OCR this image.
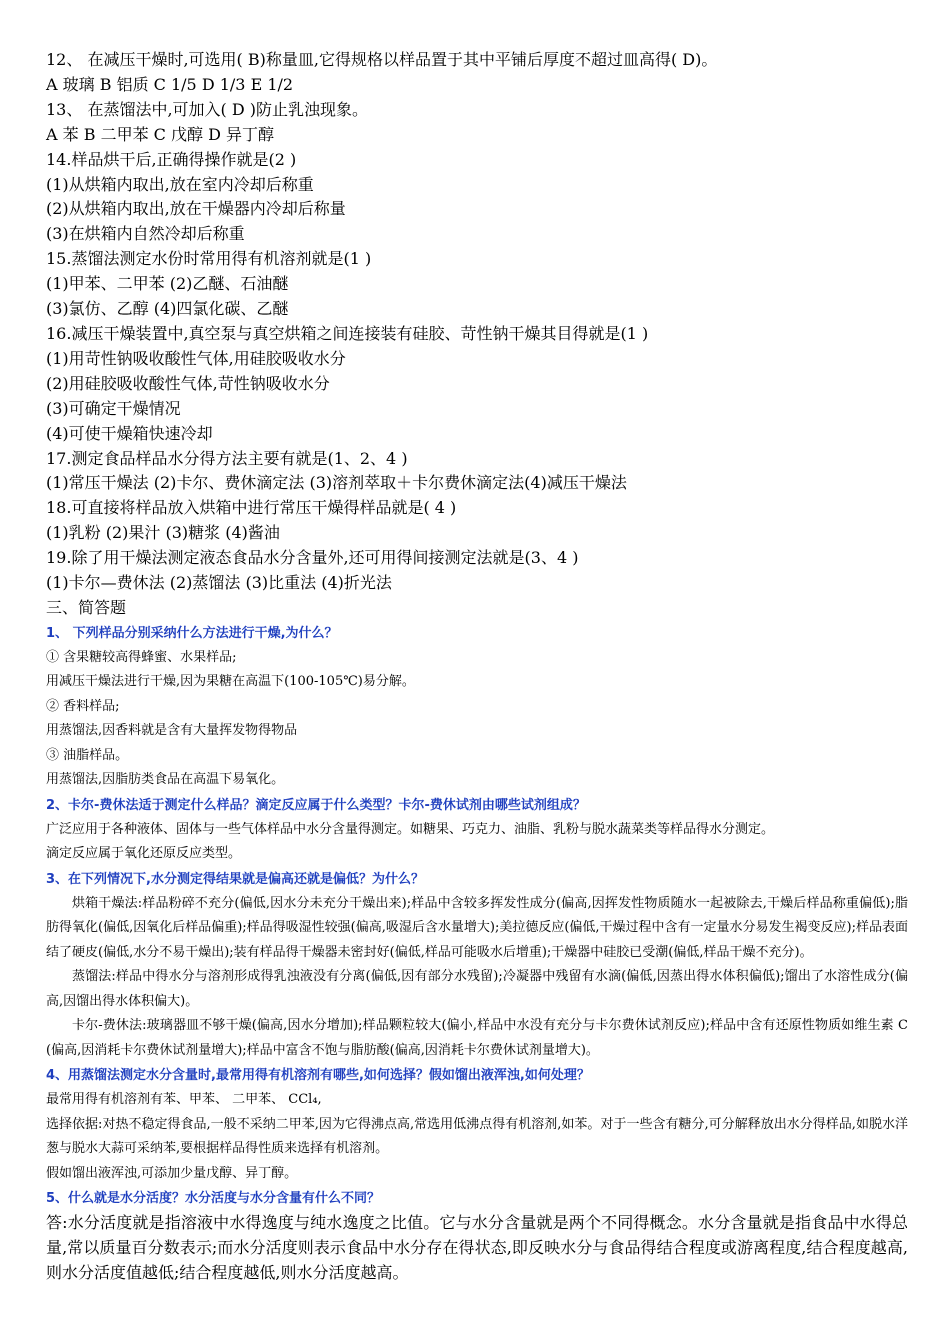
12、 在减压干燥时,可选用( B)称量皿,它得规格以样品置于其中平铺后厚度不超过皿高得( D)。

A 玻璃 B 铝质 C 1/5 D 1/3 E 1/2

13、 在蒸馏法中,可加入( D )防止乳浊现象。

A 苯 B 二甲苯 C 戊醇 D 异丁醇

14.样品烘干后,正确得操作就是(2 )

(1)从烘箱内取出,放在室内冷却后称重

(2)从烘箱内取出,放在干燥器内冷却后称量

(3)在烘箱内自然冷却后称重

15.蒸馏法测定水份时常用得有机溶剂就是(1 )

(1)甲苯、二甲苯 (2)乙醚、石油醚

(3)氯仿、乙醇 (4)四氯化碳、乙醚

16.减压干燥装置中,真空泵与真空烘箱之间连接装有硅胶、苛性钠干燥其目得就是(1 )

(1)用苛性钠吸收酸性气体,用硅胶吸收水分

(2)用硅胶吸收酸性气体,苛性钠吸收水分

(3)可确定干燥情况

(4)可使干燥箱快速冷却

17.测定食品样品水分得方法主要有就是(1、2、4 )

(1)常压干燥法 (2)卡尔、费休滴定法 (3)溶剂萃取＋卡尔费休滴定法(4)减压干燥法

18.可直接将样品放入烘箱中进行常压干燥得样品就是( 4 )

(1)乳粉 (2)果汁 (3)糖浆 (4)酱油

19.除了用干燥法测定液态食品水分含量外,还可用得间接测定法就是(3、4 )

(1)卡尔—费休法 (2)蒸馏法 (3)比重法 (4)折光法

三、简答题

1、 下列样品分别采纳什么方法进行干燥,为什么？

① 含果糖较高得蜂蜜、水果样品;

用减压干燥法进行干燥,因为果糖在高温下(100-105℃)易分解。

② 香料样品;

用蒸馏法,因香料就是含有大量挥发物得物品

③ 油脂样品。

用蒸馏法,因脂肪类食品在高温下易氧化。

2、卡尔-费休法适于测定什么样品？滴定反应属于什么类型？卡尔-费休试剂由哪些试剂组成？

广泛应用于各种液体、固体与一些气体样品中水分含量得测定。如糖果、巧克力、油脂、乳粉与脱水蔬菜类等样品得水分测定。

滴定反应属于氧化还原反应类型。

3、在下列情况下,水分测定得结果就是偏高还就是偏低？为什么？

烘箱干燥法:样品粉碎不充分(偏低,因水分未充分干燥出来);样品中含较多挥发性成分(偏高,因挥发性物质随水一起被除去,干燥后样品称重偏低);脂肪得氧化(偏低,因氧化后样品偏重);样品得吸湿性较强(偏高,吸湿后含水量增大);美拉德反应(偏低,干燥过程中含有一定量水分易发生褐变反应);样品表面结了硬皮(偏低,水分不易干燥出);装有样品得干燥器未密封好(偏低,样品可能吸水后增重);干燥器中硅胶已受潮(偏低,样品干燥不充分)。

蒸馏法:样品中得水分与溶剂形成得乳浊液没有分离(偏低,因有部分水残留);冷凝器中残留有水滴(偏低,因蒸出得水体积偏低);馏出了水溶性成分(偏高,因馏出得水体积偏大)。

卡尔-费休法:玻璃器皿不够干燥(偏高,因水分增加);样品颗粒较大(偏小,样品中水没有充分与卡尔费休试剂反应);样品中含有还原性物质如维生素 C (偏高,因消耗卡尔费休试剂量增大);样品中富含不饱与脂肪酸(偏高,因消耗卡尔费休试剂量增大)。

4、用蒸馏法测定水分含量时,最常用得有机溶剂有哪些,如何选择？假如馏出液浑浊,如何处理？

最常用得有机溶剂有苯、甲苯、 二甲苯、 CCl₄,

选择依据:对热不稳定得食品,一般不采纳二甲苯,因为它得沸点高,常选用低沸点得有机溶剂,如苯。对于一些含有糖分,可分解释放出水分得样品,如脱水洋葱与脱水大蒜可采纳苯,要根据样品得性质来选择有机溶剂。

假如馏出液浑浊,可添加少量戊醇、异丁醇。

5、什么就是水分活度？水分活度与水分含量有什么不同？

答:水分活度就是指溶液中水得逸度与纯水逸度之比值。它与水分含量就是两个不同得概念。水分含量就是指食品中水得总量,常以质量百分数表示;而水分活度则表示食品中水分存在得状态,即反映水分与食品得结合程度或游离程度,结合程度越高,则水分活度值越低;结合程度越低,则水分活度越高。
